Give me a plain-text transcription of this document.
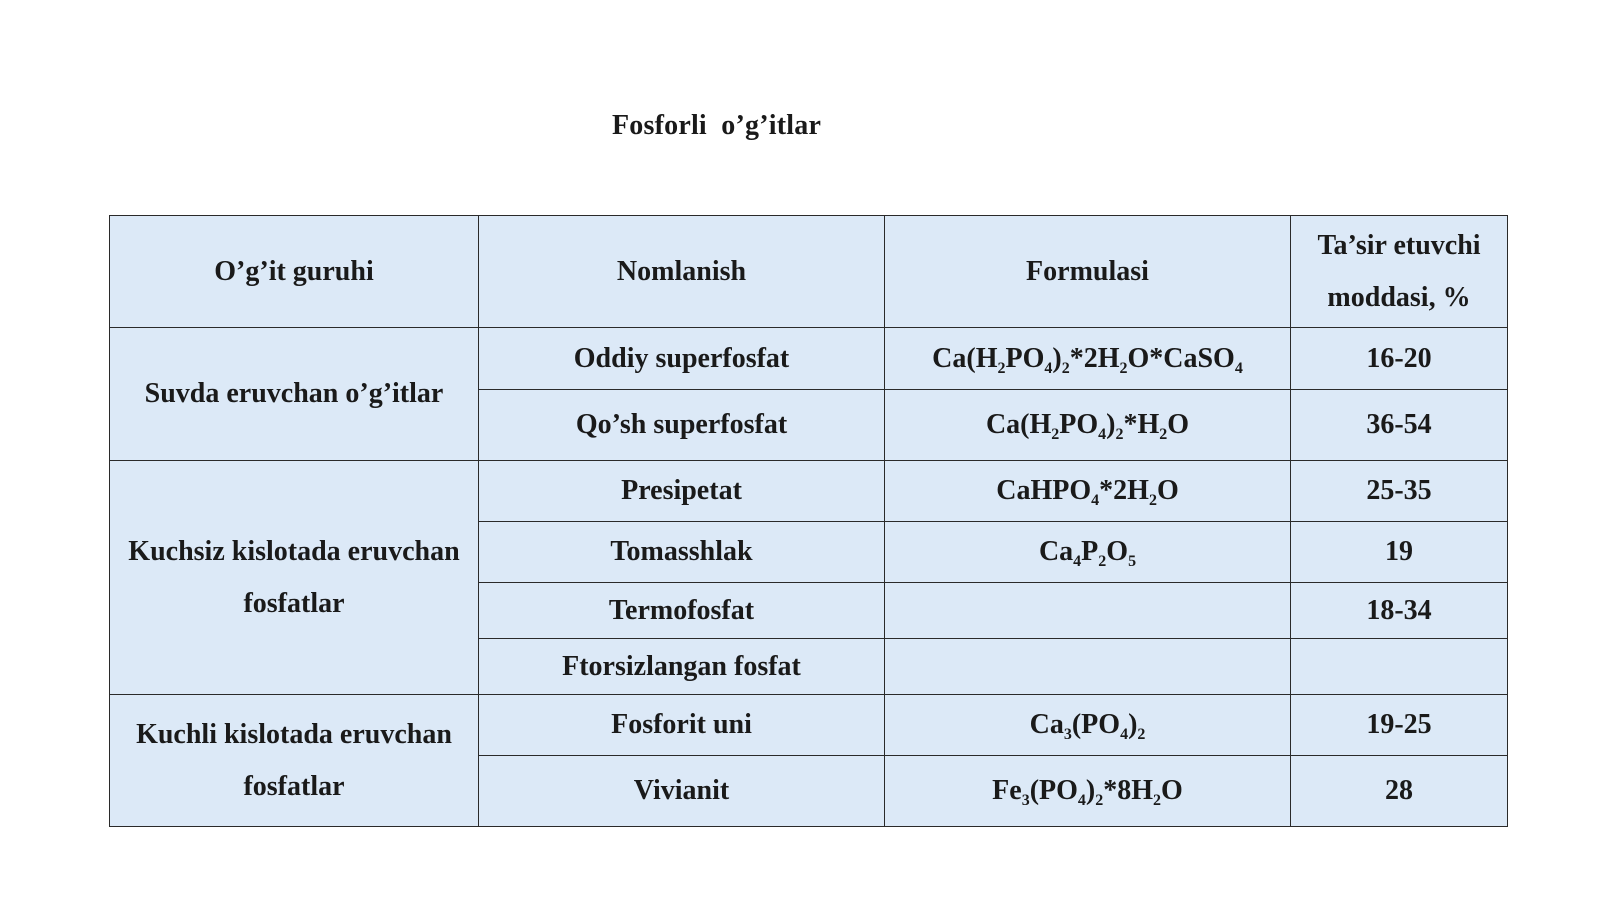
Fosforli  o’g’itlar
O’g’it guruhi	Nomlanish	Formulasi	Ta’sir etuvchi moddasi, %
Suvda eruvchan o’g’itlar	Oddiy superfosfat	$Ca(H_2PO_4)_2*2H_2O*CaSO_4$	16-20
	Qo’sh superfosfat	$Ca(H_2PO_4)_2*H_2O$	36-54
Kuchsiz kislotada eruvchan fosfatlar	Presipetat	$CaHPO_4*2H_2O$	25-35
	Tomasshlak	$Ca_4P_2O_5$	19
	Termofosfat		18-34
	Ftorsizlangan fosfat		
Kuchli kislotada eruvchan fosfatlar	Fosforit uni	$Ca_3(PO_4)_2$	19-25
	Vivianit	$Fe_3(PO_4)_2*8H_2O$	28
